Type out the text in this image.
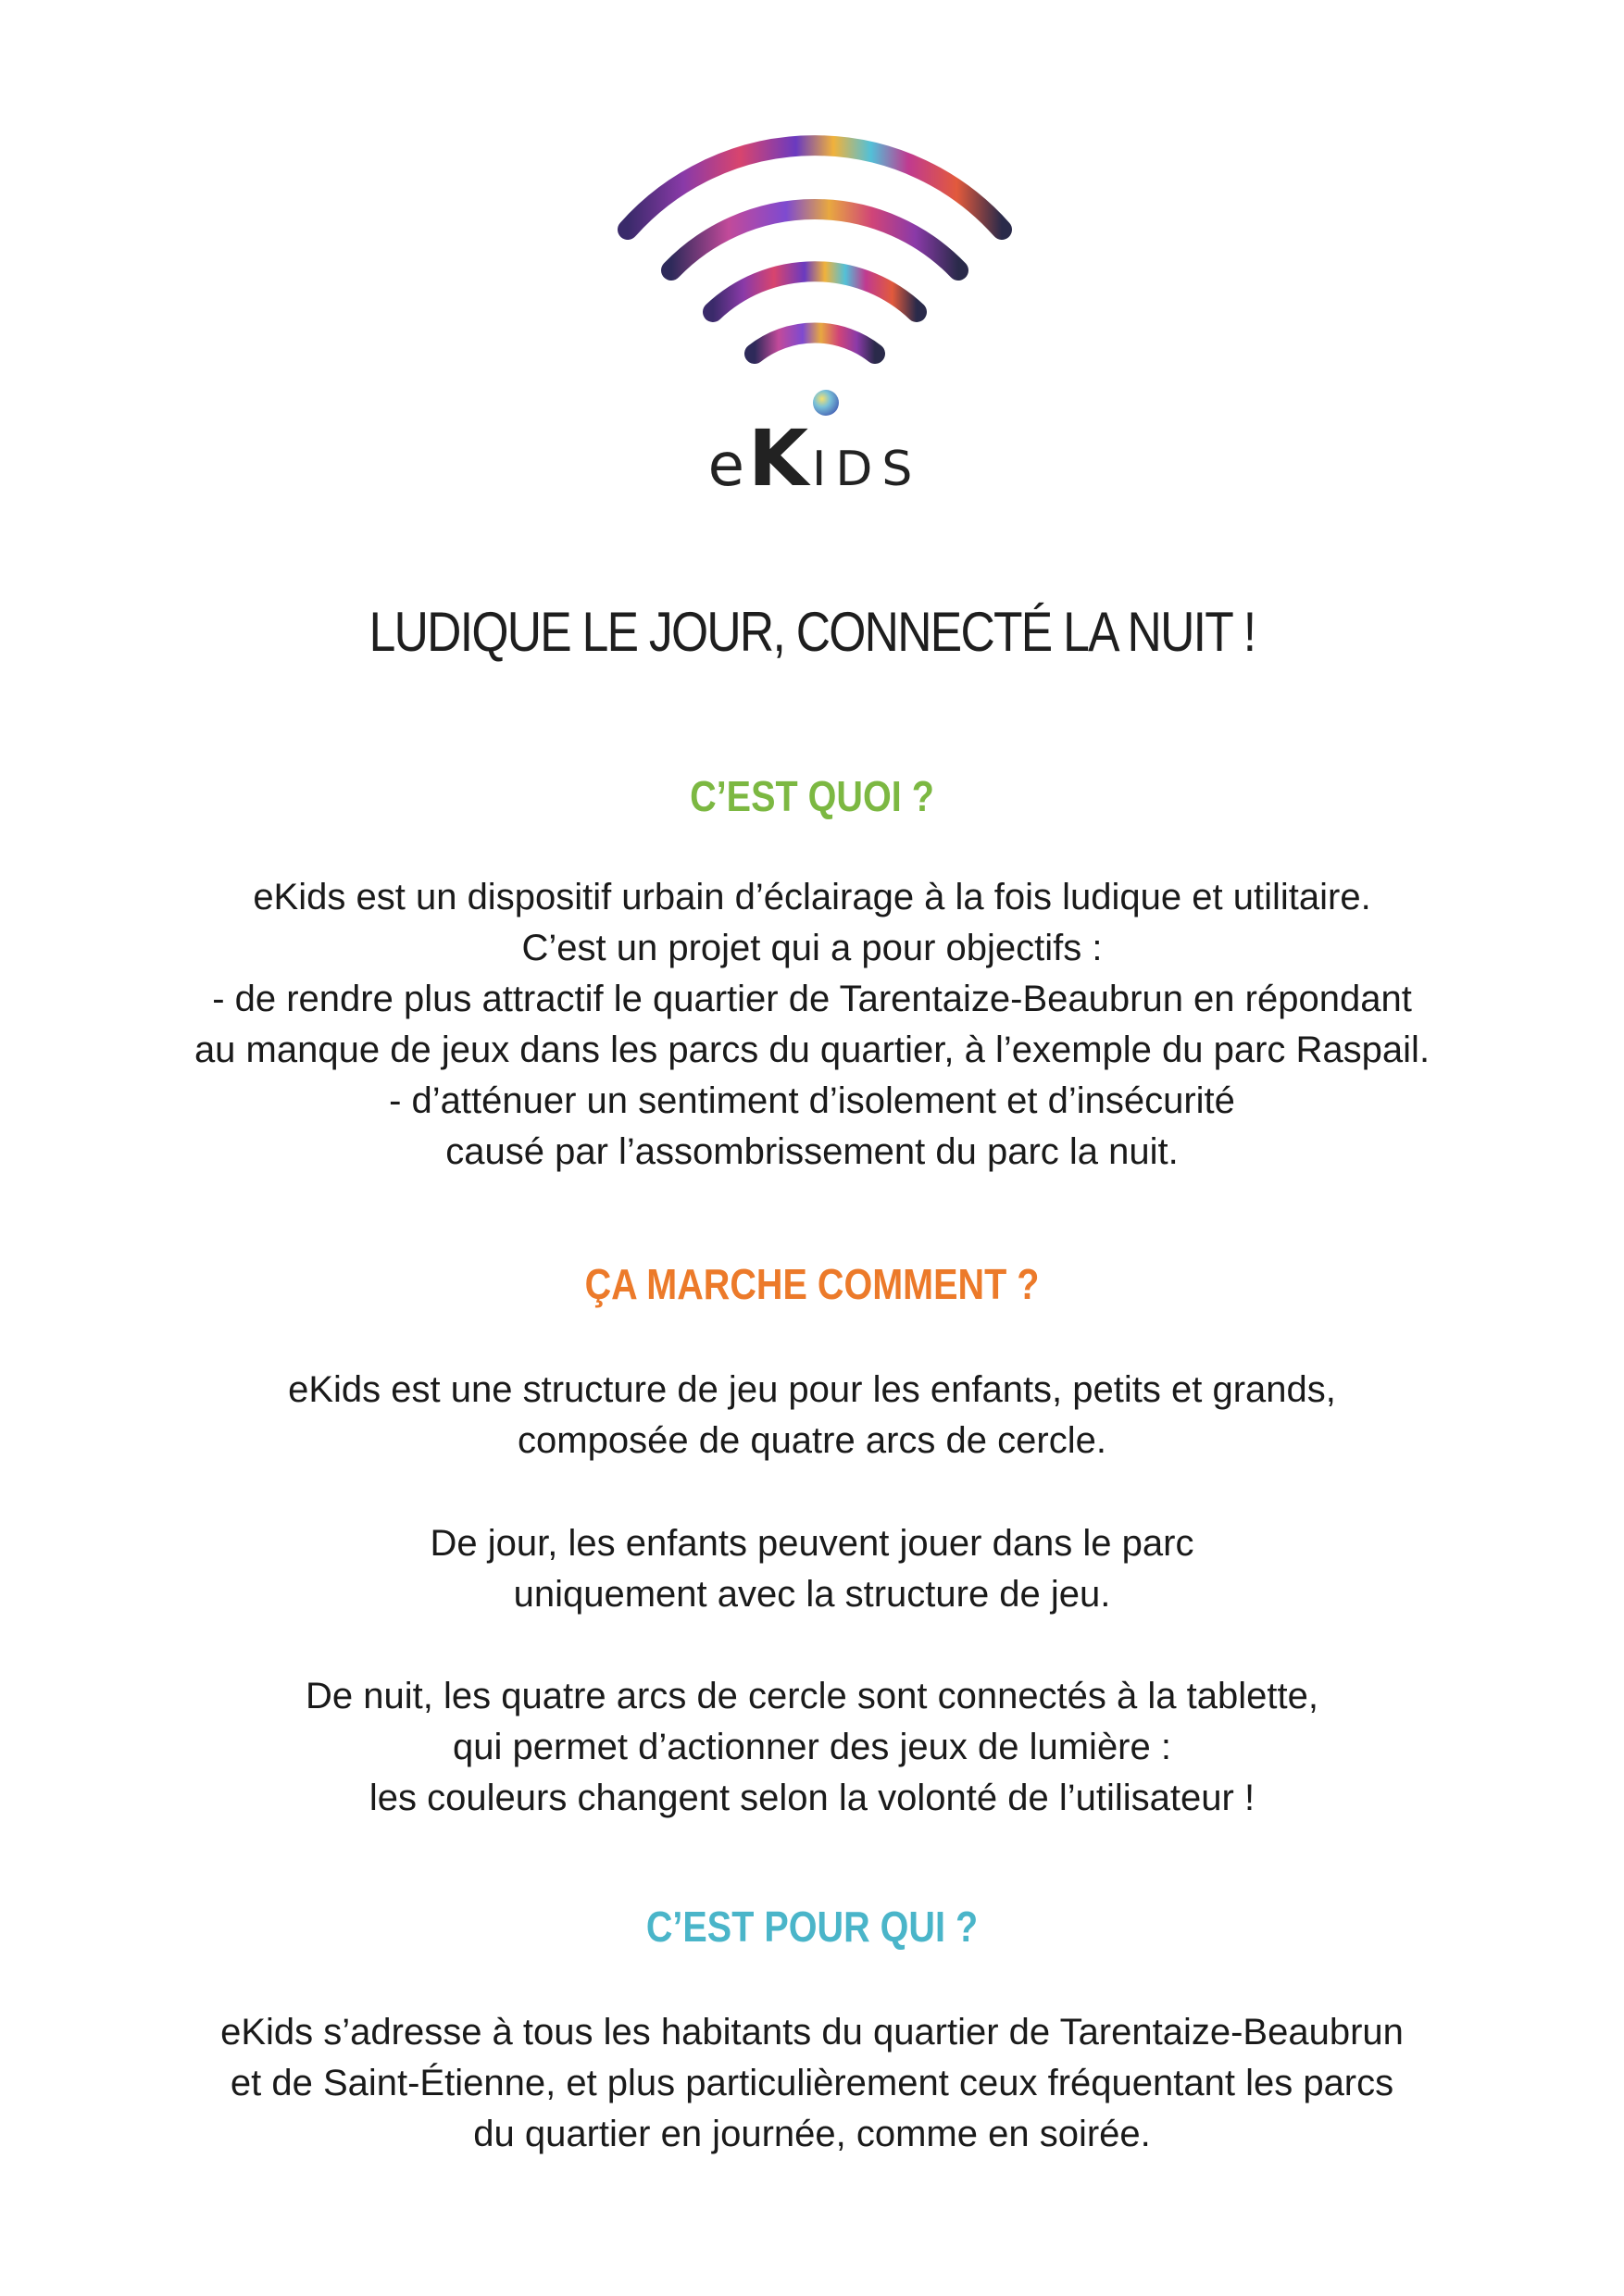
eKIDS
LUDIQUE LE JOUR, CONNECTÉ LA NUIT !
C’EST QUOI ?

eKids est un dispositif urbain d’éclairage à la fois ludique et utilitaire.
C’est un projet qui a pour objectifs :
- de rendre plus attractif le quartier de Tarentaize-Beaubrun en répondant
au manque de jeux dans les parcs du quartier, à l’exemple du parc Raspail.
- d’atténuer un sentiment d’isolement et d’insécurité
causé par l’assombrissement du parc la nuit.

ÇA MARCHE COMMENT ?

eKids est une structure de jeu pour les enfants, petits et grands,
composée de quatre arcs de cercle.

De jour, les enfants peuvent jouer dans le parc
uniquement avec la structure de jeu.

De nuit, les quatre arcs de cercle sont connectés à la tablette,
qui permet d’actionner des jeux de lumière :
les couleurs changent selon la volonté de l’utilisateur !

C’EST POUR QUI ?

eKids s’adresse à tous les habitants du quartier de Tarentaize-Beaubrun
et de Saint-Étienne, et plus particulièrement ceux fréquentant les parcs
du quartier en journée, comme en soirée.
